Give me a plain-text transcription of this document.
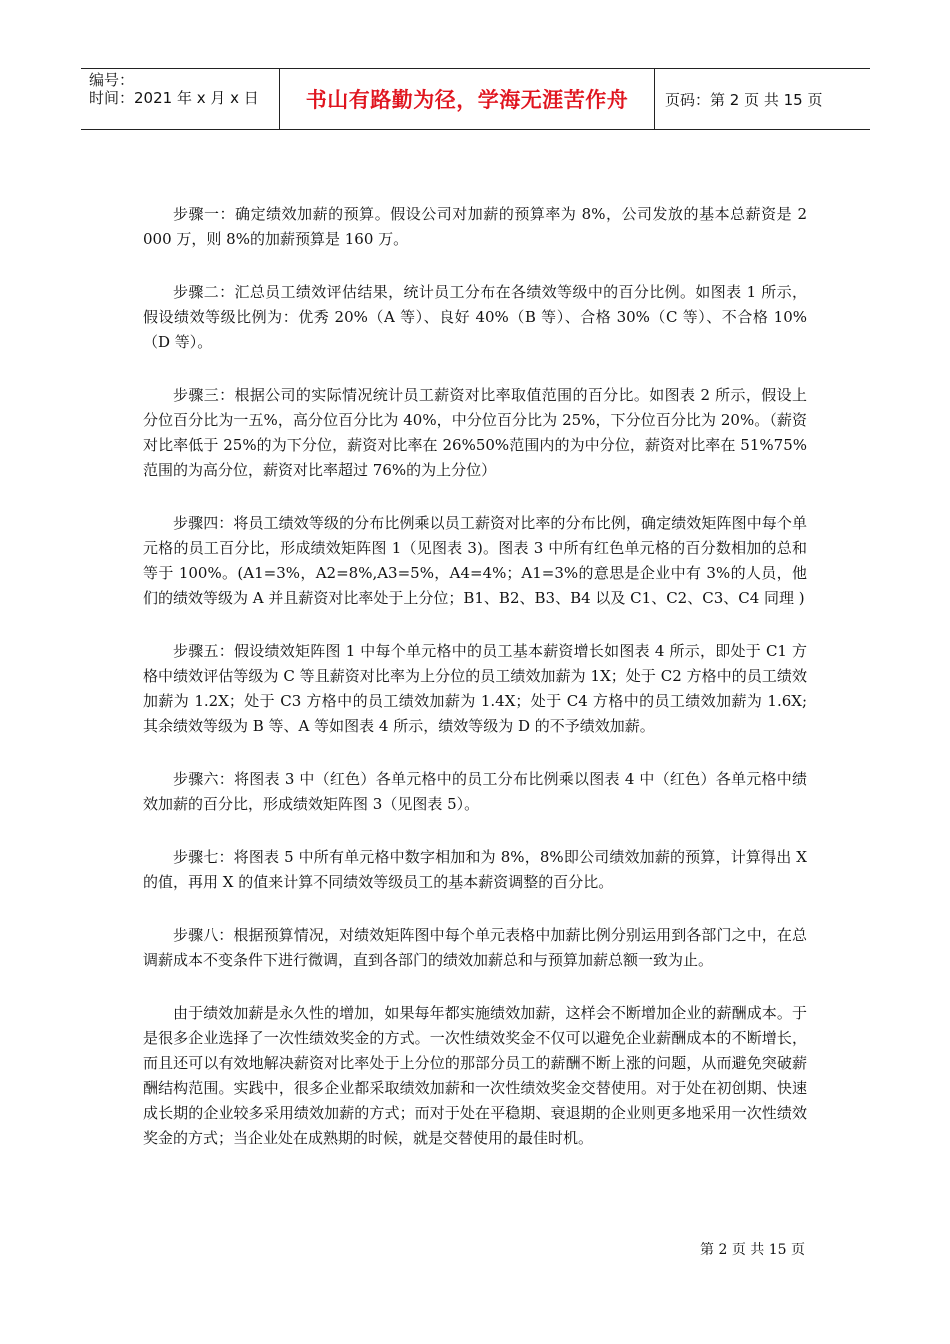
编号：
时间：2021 年 x 月 x 日	书山有路勤为径，学海无涯苦作舟	页码：第 2 页 共 15 页

步骤一：确定绩效加薪的预算。假设公司对加薪的预算率为 8%，公司发放的基本总薪资是 2 000 万，则 8%的加薪预算是 160 万。

步骤二：汇总员工绩效评估结果，统计员工分布在各绩效等级中的百分比例。如图表 1 所示，假设绩效等级比例为：优秀 20%（A 等）、良好 40%（B 等）、合格 30%（C 等）、不合格 10%（D 等）。

步骤三：根据公司的实际情况统计员工薪资对比率取值范围的百分比。如图表 2 所示，假设上分位百分比为一五%，高分位百分比为 40%，中分位百分比为 25%，下分位百分比为 20%。（薪资对比率低于 25%的为下分位，薪资对比率在 26%50%范围内的为中分位，薪资对比率在 51%75%范围的为高分位，薪资对比率超过 76%的为上分位）

步骤四：将员工绩效等级的分布比例乘以员工薪资对比率的分布比例，确定绩效矩阵图中每个单元格的员工百分比，形成绩效矩阵图 1（见图表 3)。图表 3 中所有红色单元格的百分数相加的总和等于 100%。(A1=3%，A2=8%,A3=5%，A4=4%；A1=3%的意思是企业中有 3%的人员，他们的绩效等级为 A 并且薪资对比率处于上分位；B1、B2、B3、B4 以及 C1、C2、C3、C4 同理 )

步骤五：假设绩效矩阵图 1 中每个单元格中的员工基本薪资增长如图表 4 所示，即处于 C1 方格中绩效评估等级为 C 等且薪资对比率为上分位的员工绩效加薪为 1X；处于 C2 方格中的员工绩效加薪为 1.2X；处于 C3 方格中的员工绩效加薪为 1.4X；处于 C4 方格中的员工绩效加薪为 1.6X;其余绩效等级为 B 等、A 等如图表 4 所示，绩效等级为 D 的不予绩效加薪。

步骤六：将图表 3 中（红色）各单元格中的员工分布比例乘以图表 4 中（红色）各单元格中绩效加薪的百分比，形成绩效矩阵图 3（见图表 5）。

步骤七：将图表 5 中所有单元格中数字相加和为 8%，8%即公司绩效加薪的预算，计算得出 X 的值，再用 X 的值来计算不同绩效等级员工的基本薪资调整的百分比。

步骤八：根据预算情况，对绩效矩阵图中每个单元表格中加薪比例分别运用到各部门之中，在总调薪成本不变条件下进行微调，直到各部门的绩效加薪总和与预算加薪总额一致为止。

由于绩效加薪是永久性的增加，如果每年都实施绩效加薪，这样会不断增加企业的薪酬成本。于是很多企业选择了一次性绩效奖金的方式。一次性绩效奖金不仅可以避免企业薪酬成本的不断增长，而且还可以有效地解决薪资对比率处于上分位的那部分员工的薪酬不断上涨的问题，从而避免突破薪酬结构范围。实践中，很多企业都采取绩效加薪和一次性绩效奖金交替使用。对于处在初创期、快速成长期的企业较多采用绩效加薪的方式；而对于处在平稳期、衰退期的企业则更多地采用一次性绩效奖金的方式；当企业处在成熟期的时候，就是交替使用的最佳时机。

第 2 页 共 15 页
